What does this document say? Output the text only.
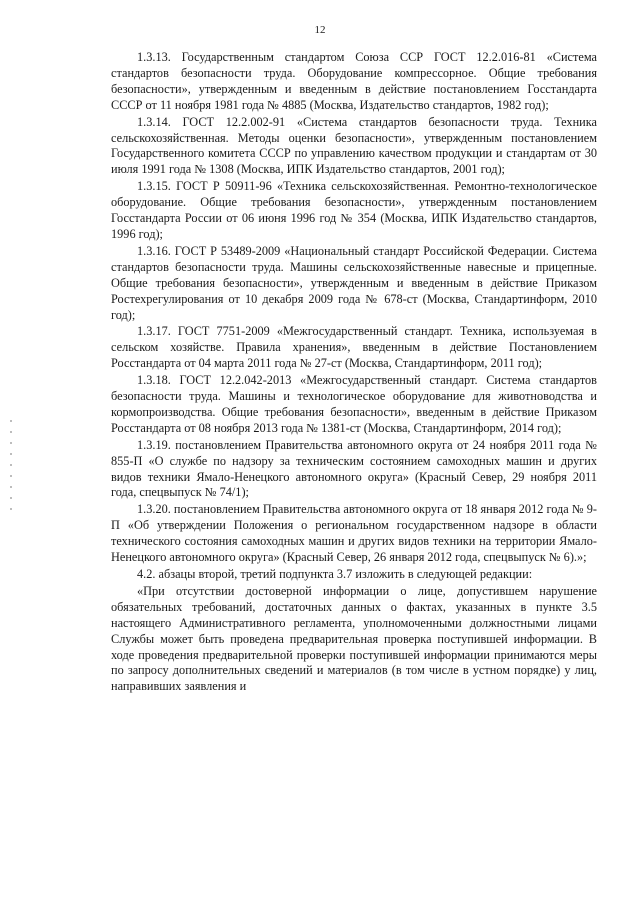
12

1.3.13. Государственным стандартом Союза ССР ГОСТ 12.2.016-81 «Система стандартов безопасности труда. Оборудование компрессорное. Общие требования безопасности», утвержденным и введенным в действие постановлением Госстандарта СССР от 11 ноября 1981 года № 4885 (Москва, Издательство стандартов, 1982 год);

1.3.14. ГОСТ 12.2.002-91 «Система стандартов безопасности труда. Техника сельскохозяйственная. Методы оценки безопасности», утвержденным постановлением Государственного комитета СССР по управлению качеством продукции и стандартам от 30 июля 1991 года № 1308 (Москва, ИПК Издательство стандартов, 2001 год);

1.3.15. ГОСТ Р 50911-96 «Техника сельскохозяйственная. Ремонтно-технологическое оборудование. Общие требования безопасности», утвержденным постановлением Госстандарта России от 06 июня 1996 год № 354 (Москва, ИПК Издательство стандартов, 1996 год);

1.3.16. ГОСТ Р 53489-2009 «Национальный стандарт Российской Федерации. Система стандартов безопасности труда. Машины сельскохозяйственные навесные и прицепные. Общие требования безопасности», утвержденным и введенным в действие Приказом Ростехрегулирования от 10 декабря 2009 года № 678-ст (Москва, Стандартинформ, 2010 год);

1.3.17. ГОСТ 7751-2009 «Межгосударственный стандарт. Техника, используемая в сельском хозяйстве. Правила хранения», введенным в действие Постановлением Росстандарта от 04 марта 2011 года № 27-ст (Москва, Стандартинформ, 2011 год);

1.3.18. ГОСТ 12.2.042-2013 «Межгосударственный стандарт. Система стандартов безопасности труда. Машины и технологическое оборудование для животноводства и кормопроизводства. Общие требования безопасности», введенным в действие Приказом Росстандарта от 08 ноября 2013 года № 1381-ст (Москва, Стандартинформ, 2014 год);

1.3.19. постановлением Правительства автономного округа от 24 ноября 2011 года № 855-П «О службе по надзору за техническим состоянием самоходных машин и других видов техники Ямало-Ненецкого автономного округа» (Красный Север, 29 ноября 2011 года, спецвыпуск № 74/1);

1.3.20. постановлением Правительства автономного округа от 18 января 2012 года № 9-П «Об утверждении Положения о региональном государственном надзоре в области технического состояния самоходных машин и других видов техники на территории Ямало-Ненецкого автономного округа» (Красный Север, 26 января 2012 года, спецвыпуск № 6).»;

4.2. абзацы второй, третий подпункта 3.7 изложить в следующей редакции:

«При отсутствии достоверной информации о лице, допустившем нарушение обязательных требований, достаточных данных о фактах, указанных в пункте 3.5 настоящего Административного регламента, уполномоченными должностными лицами Службы может быть проведена предварительная проверка поступившей информации. В ходе проведения предварительной проверки поступившей информации принимаются меры по запросу дополнительных сведений и материалов (в том числе в устном порядке) у лиц, направивших заявления и
